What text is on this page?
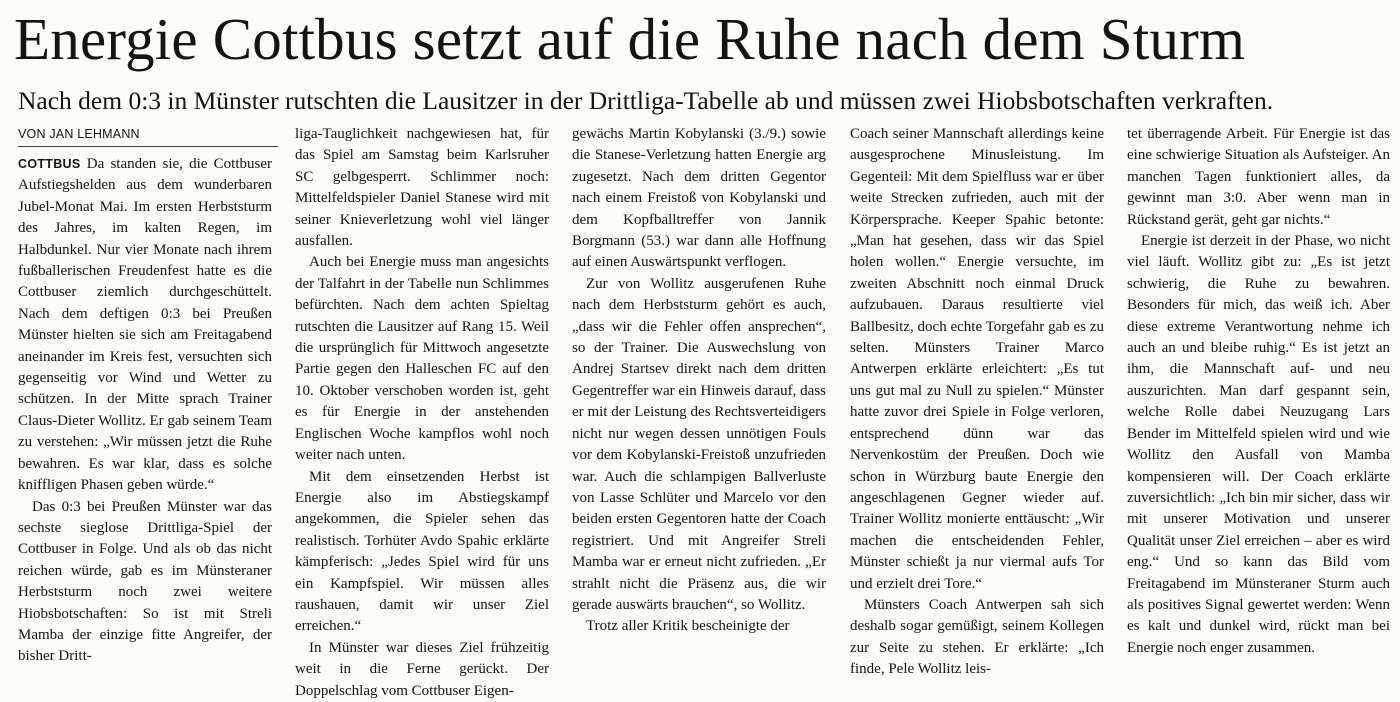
Energie Cottbus setzt auf die Ruhe nach dem Sturm

Nach dem 0:3 in Münster rutschten die Lausitzer in der Drittliga-Tabelle ab und müssen zwei Hiobsbotschaften verkraften.

VON JAN LEHMANN

COTTBUS Da standen sie, die Cottbuser Aufstiegshelden aus dem wunderbaren Jubel-Monat Mai. Im ersten Herbststurm des Jahres, im kalten Regen, im Halbdunkel. Nur vier Monate nach ihrem fußballerischen Freudenfest hatte es die Cottbuser ziemlich durchgeschüttelt. Nach dem deftigen 0:3 bei Preußen Münster hielten sie sich am Freitagabend aneinander im Kreis fest, versuchten sich gegenseitig vor Wind und Wetter zu schützen. In der Mitte sprach Trainer Claus-Dieter Wollitz. Er gab seinem Team zu verstehen: „Wir müssen jetzt die Ruhe bewahren. Es war klar, dass es solche kniffligen Phasen geben würde.“

Das 0:3 bei Preußen Münster war das sechste sieglose Drittliga-Spiel der Cottbuser in Folge. Und als ob das nicht reichen würde, gab es im Münsteraner Herbststurm noch zwei weitere Hiobsbotschaften: So ist mit Streli Mamba der einzige fitte Angreifer, der bisher Dritt-

liga-Tauglichkeit nachgewiesen hat, für das Spiel am Samstag beim Karlsruher SC gelbgesperrt. Schlimmer noch: Mittelfeldspieler Daniel Stanese wird mit seiner Knieverletzung wohl viel länger ausfallen.

Auch bei Energie muss man angesichts der Talfahrt in der Tabelle nun Schlimmes befürchten. Nach dem achten Spieltag rutschten die Lausitzer auf Rang 15. Weil die ursprünglich für Mittwoch angesetzte Partie gegen den Halleschen FC auf den 10. Oktober verschoben worden ist, geht es für Energie in der anstehenden Englischen Woche kampflos wohl noch weiter nach unten.

Mit dem einsetzenden Herbst ist Energie also im Abstiegskampf angekommen, die Spieler sehen das realistisch. Torhüter Avdo Spahic erklärte kämpferisch: „Jedes Spiel wird für uns ein Kampfspiel. Wir müssen alles raushauen, damit wir unser Ziel erreichen.“

In Münster war dieses Ziel frühzeitig weit in die Ferne gerückt. Der Doppelschlag vom Cottbuser Eigen-

gewächs Martin Kobylanski (3./9.) sowie die Stanese-Verletzung hatten Energie arg zugesetzt. Nach dem dritten Gegentor nach einem Freistoß von Kobylanski und dem Kopfballtreffer von Jannik Borgmann (53.) war dann alle Hoffnung auf einen Auswärtspunkt verflogen.

Zur von Wollitz ausgerufenen Ruhe nach dem Herbststurm gehört es auch, „dass wir die Fehler offen ansprechen“, so der Trainer. Die Auswechslung von Andrej Startsev direkt nach dem dritten Gegentreffer war ein Hinweis darauf, dass er mit der Leistung des Rechtsverteidigers nicht nur wegen dessen unnötigen Fouls vor dem Kobylanski-Freistoß unzufrieden war. Auch die schlampigen Ballverluste von Lasse Schlüter und Marcelo vor den beiden ersten Gegentoren hatte der Coach registriert. Und mit Angreifer Streli Mamba war er erneut nicht zufrieden. „Er strahlt nicht die Präsenz aus, die wir gerade auswärts brauchen“, so Wollitz.

Trotz aller Kritik bescheinigte der

Coach seiner Mannschaft allerdings keine ausgesprochene Minusleistung. Im Gegenteil: Mit dem Spielfluss war er über weite Strecken zufrieden, auch mit der Körpersprache. Keeper Spahic betonte: „Man hat gesehen, dass wir das Spiel holen wollen.“ Energie versuchte, im zweiten Abschnitt noch einmal Druck aufzubauen. Daraus resultierte viel Ballbesitz, doch echte Torgefahr gab es zu selten. Münsters Trainer Marco Antwerpen erklärte erleichtert: „Es tut uns gut mal zu Null zu spielen.“ Münster hatte zuvor drei Spiele in Folge verloren, entsprechend dünn war das Nervenkostüm der Preußen. Doch wie schon in Würzburg baute Energie den angeschlagenen Gegner wieder auf. Trainer Wollitz monierte enttäuscht: „Wir machen die entscheidenden Fehler, Münster schießt ja nur viermal aufs Tor und erzielt drei Tore.“

Münsters Coach Antwerpen sah sich deshalb sogar gemüßigt, seinem Kollegen zur Seite zu stehen. Er erklärte: „Ich finde, Pele Wollitz leis-

tet überragende Arbeit. Für Energie ist das eine schwierige Situation als Aufsteiger. An manchen Tagen funktioniert alles, da gewinnt man 3:0. Aber wenn man in Rückstand gerät, geht gar nichts.“

Energie ist derzeit in der Phase, wo nicht viel läuft. Wollitz gibt zu: „Es ist jetzt schwierig, die Ruhe zu bewahren. Besonders für mich, das weiß ich. Aber diese extreme Verantwortung nehme ich auch an und bleibe ruhig.“ Es ist jetzt an ihm, die Mannschaft auf- und neu auszurichten. Man darf gespannt sein, welche Rolle dabei Neuzugang Lars Bender im Mittelfeld spielen wird und wie Wollitz den Ausfall von Mamba kompensieren will. Der Coach erklärte zuversichtlich: „Ich bin mir sicher, dass wir mit unserer Motivation und unserer Qualität unser Ziel erreichen – aber es wird eng.“ Und so kann das Bild vom Freitagabend im Münsteraner Sturm auch als positives Signal gewertet werden: Wenn es kalt und dunkel wird, rückt man bei Energie noch enger zusammen.
